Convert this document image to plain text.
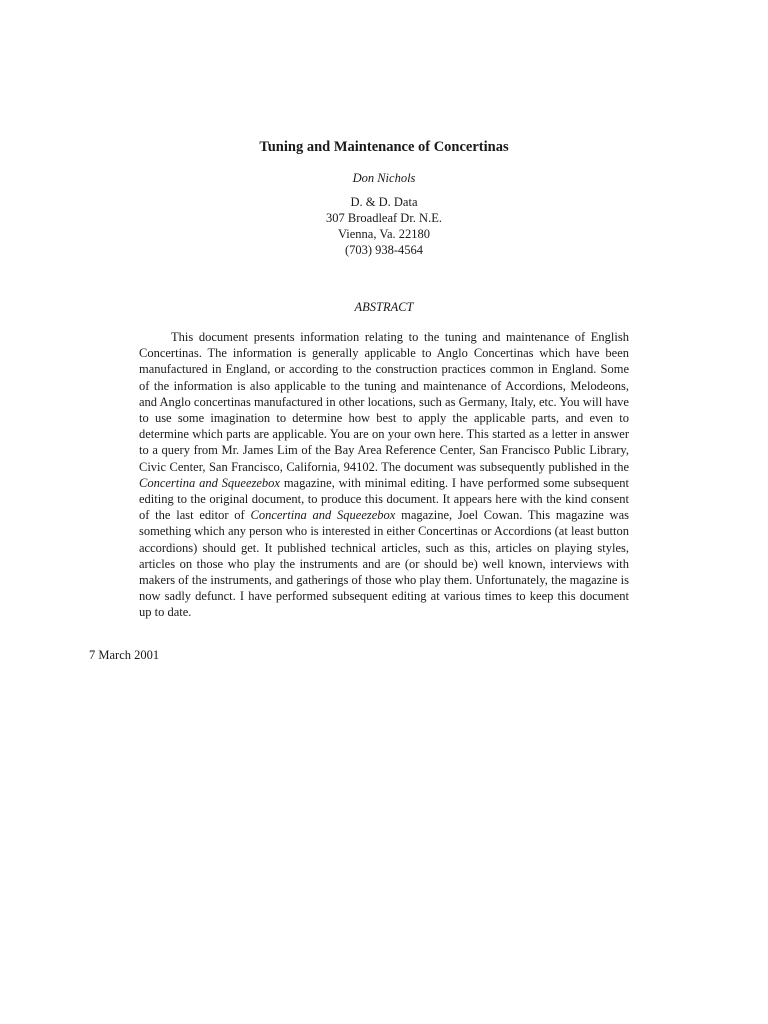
Tuning and Maintenance of Concertinas
Don Nichols
D. & D. Data
307 Broadleaf Dr. N.E.
Vienna, Va. 22180
(703) 938-4564
ABSTRACT

This document presents information relating to the tuning and maintenance of English Concertinas. The information is generally applicable to Anglo Concertinas which have been manufactured in England, or according to the construction practices common in England. Some of the information is also applicable to the tuning and maintenance of Accordions, Melodeons, and Anglo concertinas manufactured in other locations, such as Germany, Italy, etc. You will have to use some imagination to determine how best to apply the applicable parts, and even to determine which parts are applicable. You are on your own here. This started as a letter in answer to a query from Mr. James Lim of the Bay Area Reference Center, San Francisco Public Library, Civic Center, San Francisco, California, 94102. The document was subsequently published in the Concertina and Squeezebox magazine, with minimal editing. I have performed some subsequent editing to the original document, to produce this document. It appears here with the kind consent of the last editor of Concertina and Squeezebox magazine, Joel Cowan. This magazine was something which any person who is interested in either Concertinas or Accordions (at least button accordions) should get. It published technical articles, such as this, articles on playing styles, articles on those who play the instruments and are (or should be) well known, interviews with makers of the instruments, and gatherings of those who play them. Unfortunately, the magazine is now sadly defunct. I have performed subsequent editing at various times to keep this document up to date.

7 March 2001
